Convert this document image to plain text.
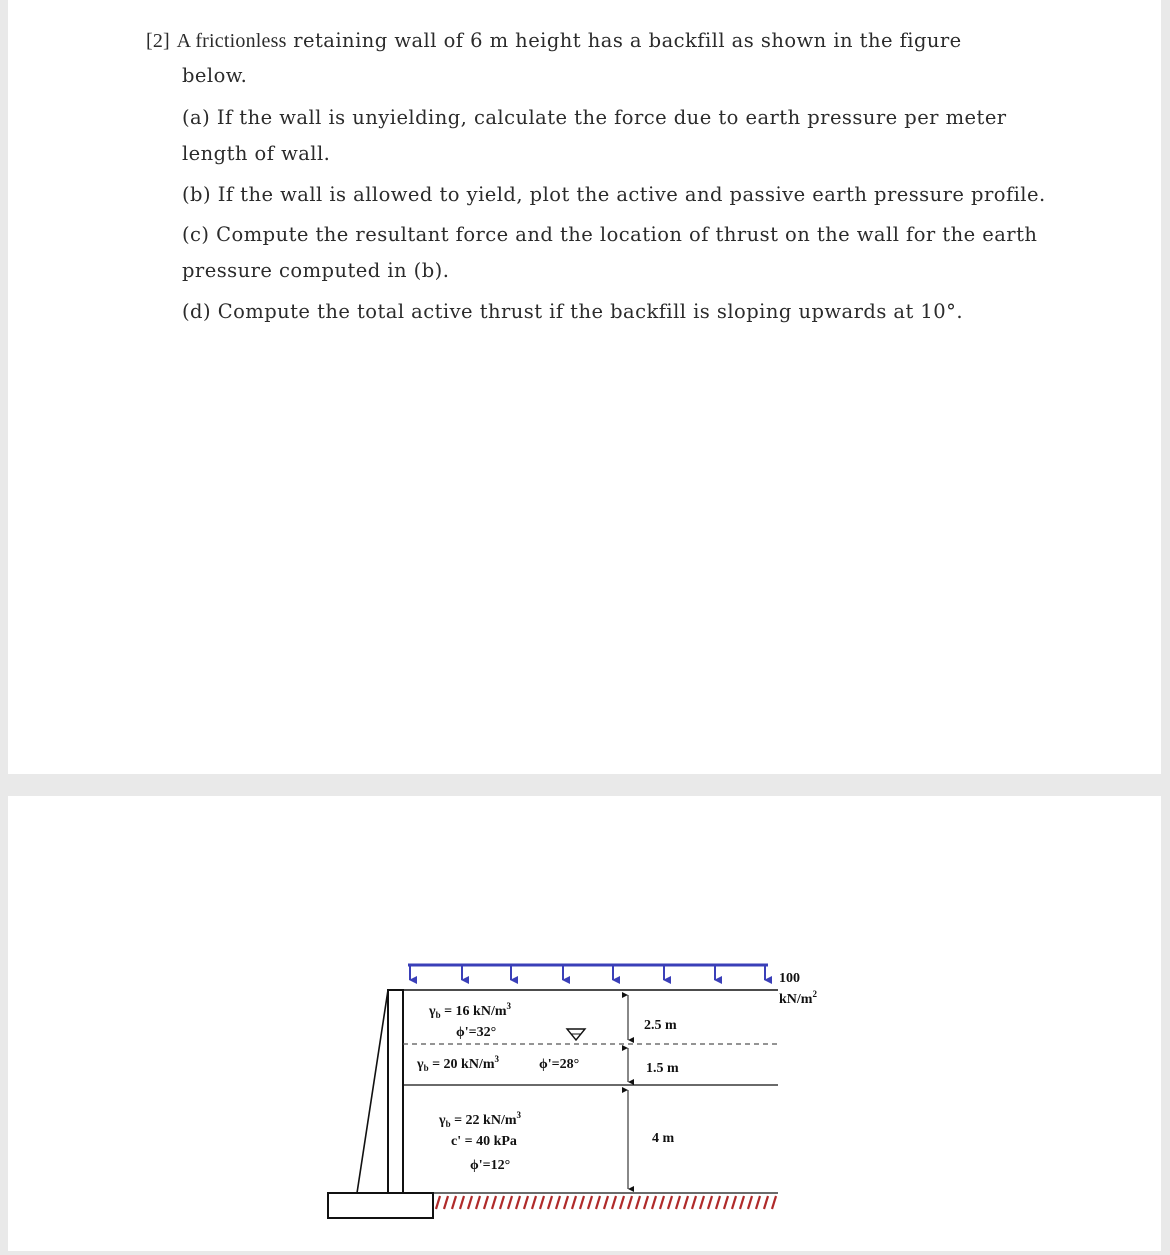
[2] A frictionless retaining wall of 6 m height has a backfill as shown in the figure
below.
(a) If the wall is unyielding, calculate the force due to earth pressure per meter
length of wall.
(b) If the wall is allowed to yield, plot the active and passive earth pressure profile.
(c) Compute the resultant force and the location of thrust on the wall for the earth
pressure computed in (b).
(d) Compute the total active thrust if the backfill is sloping upwards at 10°.
100
$kN/m^2$
2.5 m
1.5 m
4 m
$\gamma_b = 16$ $kN/m^3$
ϕ'=32°
$\gamma_b = 20$ $kN/m^3$	ϕ'=28°
$\gamma_b = 22$ $kN/m^3$
c' = 40 kPa
ϕ'=12°
